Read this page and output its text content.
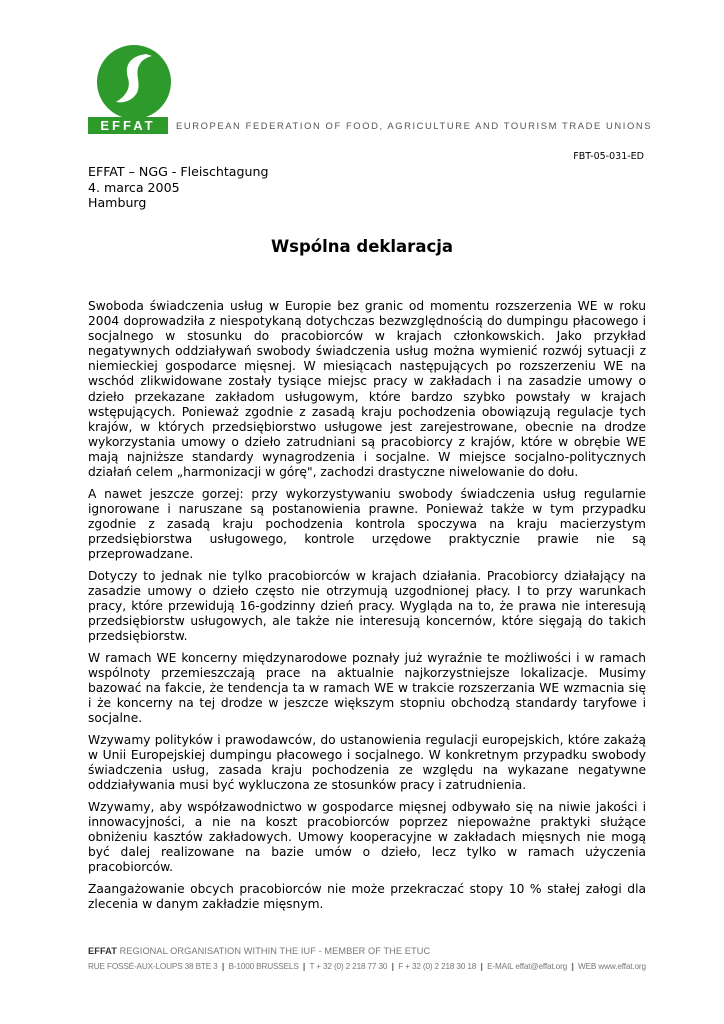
EFFAT	EUROPEAN FEDERATION OF FOOD, AGRICULTURE AND TOURISM TRADE UNIONS
FBT-05-031-ED
EFFAT – NGG - Fleischtagung
4. marca 2005
Hamburg
Wspólna deklaracja

Swoboda świadczenia usług w Europie bez granic od momentu rozszerzenia WE w roku 2004 doprowadziła z niespotykaną dotychczas bezwzględnością do dumpingu płacowego i socjalnego w stosunku do pracobiorców w krajach członkowskich. Jako przykład negatywnych oddziaływań swobody świadczenia usług można wymienić rozwój sytuacji z niemieckiej gospodarce mięsnej. W miesiącach następujących po rozszerzeniu WE na wschód zlikwidowane zostały tysiące miejsc pracy w zakładach i na zasadzie umowy o dzieło przekazane zakładom usługowym, które bardzo szybko powstały w krajach wstępujących. Ponieważ zgodnie z zasadą kraju pochodzenia obowiązują regulacje tych krajów, w których przedsiębiorstwo usługowe jest zarejestrowane, obecnie na drodze wykorzystania umowy o dzieło zatrudniani są pracobiorcy z krajów, które w obrębie WE mają najniższe standardy wynagrodzenia i socjalne. W miejsce socjalno-politycznych działań celem „harmonizacji w górę", zachodzi drastyczne niwelowanie do dołu.

A nawet jeszcze gorzej: przy wykorzystywaniu swobody świadczenia usług regularnie ignorowane i naruszane są postanowienia prawne. Ponieważ także w tym przypadku zgodnie z zasadą kraju pochodzenia kontrola spoczywa na kraju macierzystym przedsiębiorstwa usługowego, kontrole urzędowe praktycznie prawie nie są przeprowadzane.

Dotyczy to jednak nie tylko pracobiorców w krajach działania. Pracobiorcy działający na zasadzie umowy o dzieło często nie otrzymują uzgodnionej płacy. I to przy warunkach pracy, które przewidują 16-godzinny dzień pracy. Wygląda na to, że prawa nie interesują przedsiębiorstw usługowych, ale także nie interesują koncernów, które sięgają do takich przedsiębiorstw.

W ramach WE koncerny międzynarodowe poznały już wyraźnie te możliwości i w ramach wspólnoty przemieszczają prace na aktualnie najkorzystniejsze lokalizacje. Musimy bazować na fakcie, że tendencja ta w ramach WE w trakcie rozszerzania WE wzmacnia się i że koncerny na tej drodze w jeszcze większym stopniu obchodzą standardy taryfowe i socjalne.

Wzywamy polityków i prawodawców, do ustanowienia regulacji europejskich, które zakażą w Unii Europejskiej dumpingu płacowego i socjalnego. W konkretnym przypadku swobody świadczenia usług, zasada kraju pochodzenia ze względu na wykazane negatywne oddziaływania musi być wykluczona ze stosunków pracy i zatrudnienia.

Wzywamy, aby współzawodnictwo w gospodarce mięsnej odbywało się na niwie jakości i innowacyjności, a nie na koszt pracobiorców poprzez niepoważne praktyki służące obniżeniu kasztów zakładowych. Umowy kooperacyjne w zakładach mięsnych nie mogą być dalej realizowane na bazie umów o dzieło, lecz tylko w ramach użyczenia pracobiorców.

Zaangażowanie obcych pracobiorców nie może przekraczać stopy 10 % stałej załogi dla zlecenia w danym zakładzie mięsnym.

EFFAT REGIONAL ORGANISATION WITHIN THE IUF - MEMBER OF THE ETUC
RUE FOSSÉ-AUX-LOUPS 38 BTE 3 ❙ B-1000 BRUSSELS ❙ T + 32 (0) 2 218 77 30 ❙ F + 32 (0) 2 218 30 18 ❙ E-MAIL effat@effat.org ❙ WEB www.effat.org
